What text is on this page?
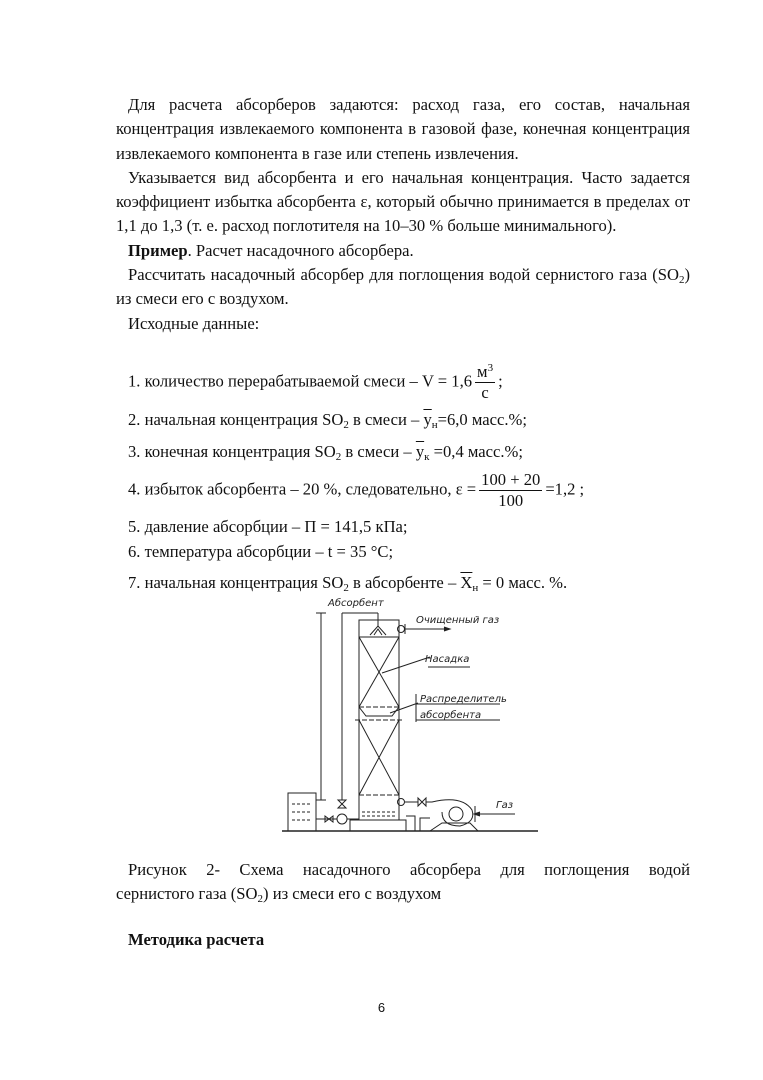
Для расчета абсорберов задаются: расход газа, его состав, начальная концентрация извлекаемого компонента в газовой фазе, конечная концентрация извлекаемого компонента в газе или степень извлечения.

Указывается вид абсорбента и его начальная концентрация. Часто задается коэффициент избытка абсорбента ε, который обычно принимается в пределах от 1,1 до 1,3 (т. е. расход поглотителя на 10–30 % больше минимального).

Пример. Расчет насадочного абсорбера.

Рассчитать насадочный абсорбер для поглощения водой сернистого газа $(SO_2)$ из смеси его с воздухом.

Исходные данные:

1. количество перерабатываемой смеси – $V = 1,6 \frac{м^3}{с}$ ;
2. начальная концентрация $SO_2$ в смеси – $\overline{y}_н=6,0$ масс.%;
3. конечная концентрация $SO_2$ в смеси – $\overline{y}_к =0,4$ масс.%;
4. избыток абсорбента – 20 %, следовательно, $\varepsilon = \frac{100 + 20}{100} =1,2$ ;
5. давление абсорбции – П = 141,5 кПа;
6. температура абсорбции – t = 35 °С;
7. начальная концентрация $SO_2$ в абсорбенте – $\overline{X}_н = 0$ масс. %.
Абсорбент
Очищенный газ
Насадка
Распределитель
абсорбента
Газ
Рисунок 2- Схема насадочного абсорбера для поглощения водой
сернистого газа $(SO_2)$ из смеси его с воздухом
Методика расчета
6
